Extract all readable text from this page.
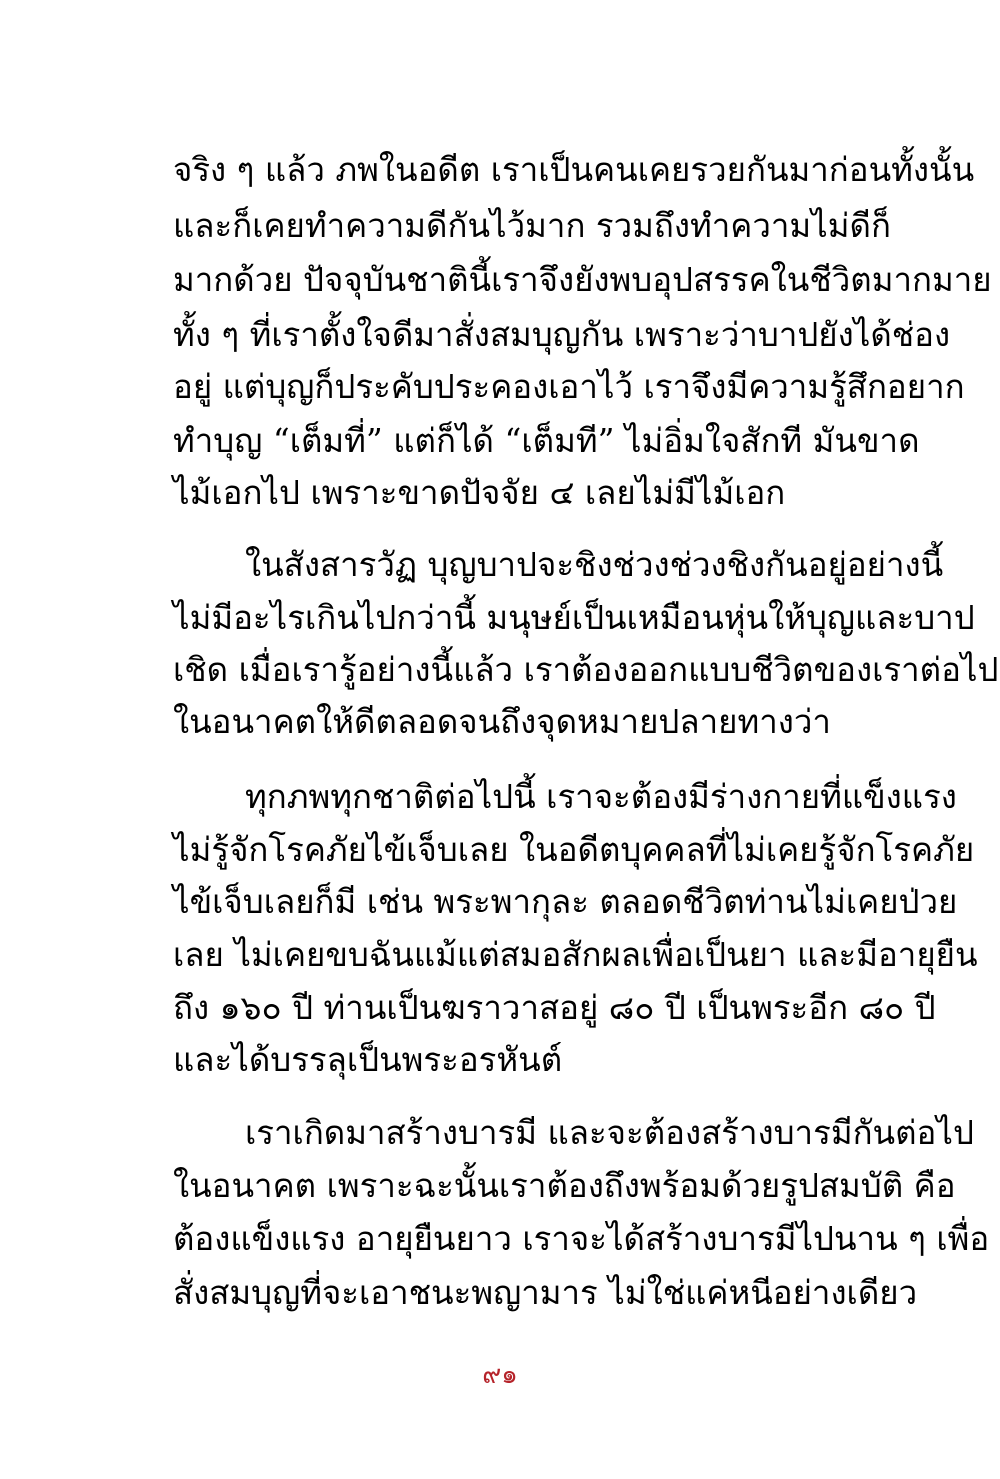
จริง ๆ แล้ว ภพในอดีต เราเป็นคนเคยรวยกันมาก่อนทั้งนั้น
และก็เคยทำความดีกันไว้มาก รวมถึงทำความไม่ดีก็
มากด้วย ปัจจุบันชาตินี้เราจึงยังพบอุปสรรคในชีวิตมากมาย
ทั้ง ๆ ที่เราตั้งใจดีมาสั่งสมบุญกัน เพราะว่าบาปยังได้ช่อง
อยู่ แต่บุญก็ประคับประคองเอาไว้ เราจึงมีความรู้สึกอยาก
ทำบุญ “เต็มที่” แต่ก็ได้ “เต็มที” ไม่อิ่มใจสักที มันขาด
ไม้เอกไป เพราะขาดปัจจัย ๔ เลยไม่มีไม้เอก
ในสังสารวัฏ บุญบาปจะชิงช่วงช่วงชิงกันอยู่อย่างนี้
ไม่มีอะไรเกินไปกว่านี้ มนุษย์เป็นเหมือนหุ่นให้บุญและบาป
เชิด เมื่อเรารู้อย่างนี้แล้ว เราต้องออกแบบชีวิตของเราต่อไป
ในอนาคตให้ดีตลอดจนถึงจุดหมายปลายทางว่า
ทุกภพทุกชาติต่อไปนี้ เราจะต้องมีร่างกายที่แข็งแรง
ไม่รู้จักโรคภัยไข้เจ็บเลย ในอดีตบุคคลที่ไม่เคยรู้จักโรคภัย
ไข้เจ็บเลยก็มี เช่น พระพากุละ ตลอดชีวิตท่านไม่เคยป่วย
เลย ไม่เคยขบฉันแม้แต่สมอสักผลเพื่อเป็นยา และมีอายุยืน
ถึง ๑๖๐ ปี ท่านเป็นฆราวาสอยู่ ๘๐ ปี เป็นพระอีก ๘๐ ปี
และได้บรรลุเป็นพระอรหันต์
เราเกิดมาสร้างบารมี และจะต้องสร้างบารมีกันต่อไป
ในอนาคต เพราะฉะนั้นเราต้องถึงพร้อมด้วยรูปสมบัติ คือ
ต้องแข็งแรง อายุยืนยาว เราจะได้สร้างบารมีไปนาน ๆ เพื่อ
สั่งสมบุญที่จะเอาชนะพญามาร ไม่ใช่แค่หนีอย่างเดียว
๙๑
